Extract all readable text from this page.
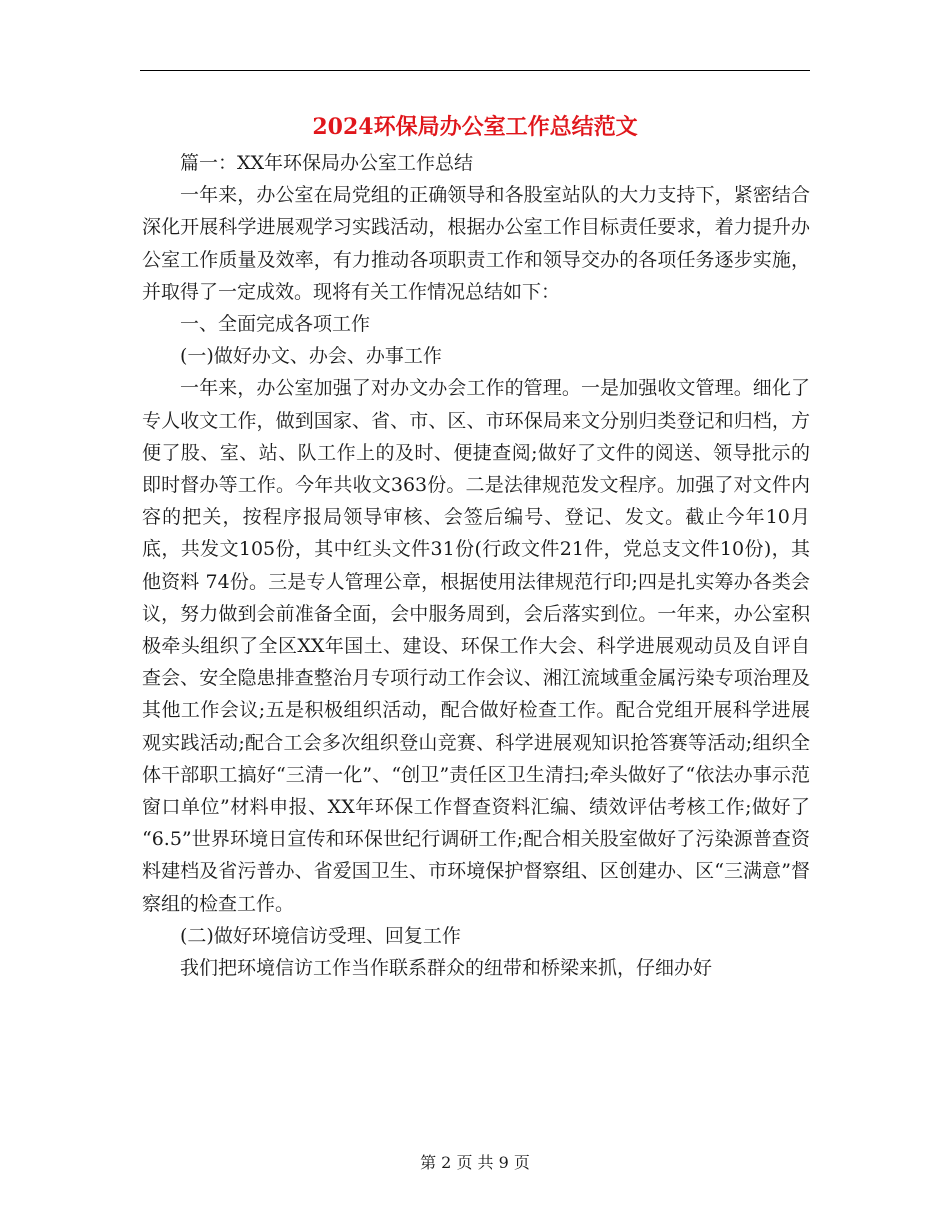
2024环保局办公室工作总结范文

篇一：XX年环保局办公室工作总结

一年来，办公室在局党组的正确领导和各股室站队的大力支持下，紧密结合深化开展科学进展观学习实践活动，根据办公室工作目标责任要求，着力提升办公室工作质量及效率，有力推动各项职责工作和领导交办的各项任务逐步实施，并取得了一定成效。现将有关工作情况总结如下：

一、全面完成各项工作

(一)做好办文、办会、办事工作

一年来，办公室加强了对办文办会工作的管理。一是加强收文管理。细化了专人收文工作，做到国家、省、市、区、市环保局来文分别归类登记和归档，方便了股、室、站、队工作上的及时、便捷查阅;做好了文件的阅送、领导批示的即时督办等工作。今年共收文363份。二是法律规范发文程序。加强了对文件内容的把关，按程序报局领导审核、会签后编号、登记、发文。截止今年10月底，共发文105份，其中红头文件31份(行政文件21件，党总支文件10份)，其他资料 74份。三是专人管理公章，根据使用法律规范行印;四是扎实筹办各类会议，努力做到会前准备全面，会中服务周到，会后落实到位。一年来，办公室积极牵头组织了全区XX年国土、建设、环保工作大会、科学进展观动员及自评自查会、安全隐患排查整治月专项行动工作会议、湘江流域重金属污染专项治理及其他工作会议;五是积极组织活动，配合做好检查工作。配合党组开展科学进展观实践活动;配合工会多次组织登山竞赛、科学进展观知识抢答赛等活动;组织全体干部职工搞好“三清一化”、“创卫”责任区卫生清扫;牵头做好了“依法办事示范窗口单位”材料申报、XX年环保工作督查资料汇编、绩效评估考核工作;做好了 “6.5”世界环境日宣传和环保世纪行调研工作;配合相关股室做好了污染源普查资料建档及省污普办、省爱国卫生、市环境保护督察组、区创建办、区“三满意”督察组的检查工作。

(二)做好环境信访受理、回复工作

我们把环境信访工作当作联系群众的纽带和桥梁来抓，仔细办好

第 2 页 共 9 页
